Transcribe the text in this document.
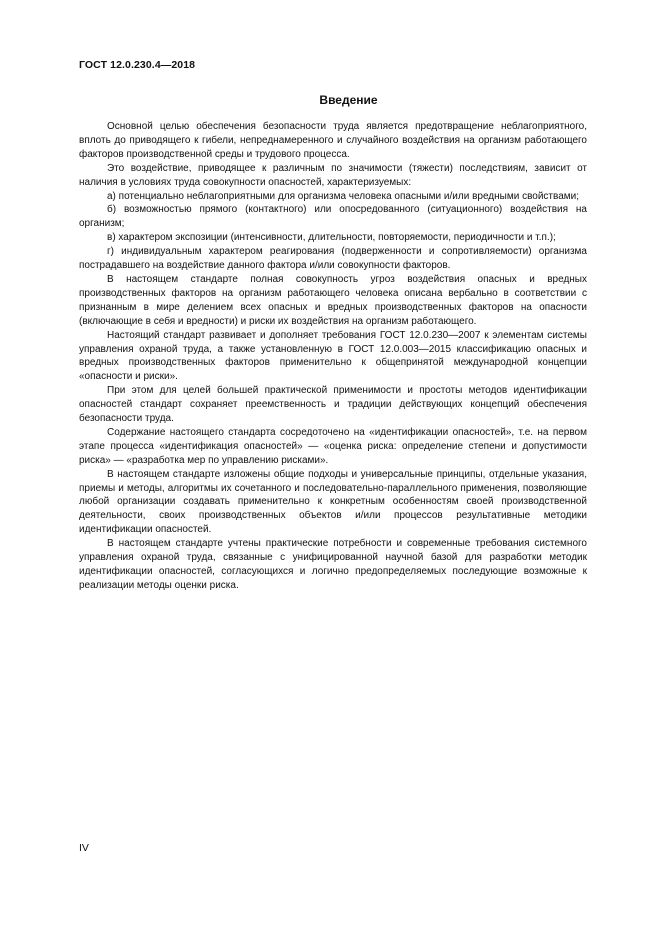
ГОСТ 12.0.230.4—2018
Введение

Основной целью обеспечения безопасности труда является предотвращение неблагоприятного, вплоть до приводящего к гибели, непреднамеренного и случайного воздействия на организм работающего факторов производственной среды и трудового процесса.

Это воздействие, приводящее к различным по значимости (тяжести) последствиям, зависит от наличия в условиях труда совокупности опасностей, характеризуемых:

а) потенциально неблагоприятными для организма человека опасными и/или вредными свойствами;

б) возможностью прямого (контактного) или опосредованного (ситуационного) воздействия на организм;

в) характером экспозиции (интенсивности, длительности, повторяемости, периодичности и т.п.);

г) индивидуальным характером реагирования (подверженности и сопротивляемости) организма пострадавшего на воздействие данного фактора и/или совокупности факторов.

В настоящем стандарте полная совокупность угроз воздействия опасных и вредных производственных факторов на организм работающего человека описана вербально в соответствии с признанным в мире делением всех опасных и вредных производственных факторов на опасности (включающие в себя и вредности) и риски их воздействия на организм работающего.

Настоящий стандарт развивает и дополняет требования ГОСТ 12.0.230—2007 к элементам системы управления охраной труда, а также установленную в ГОСТ 12.0.003—2015 классификацию опасных и вредных производственных факторов применительно к общепринятой международной концепции «опасности и риски».

При этом для целей большей практической применимости и простоты методов идентификации опасностей стандарт сохраняет преемственность и традиции действующих концепций обеспечения безопасности труда.

Содержание настоящего стандарта сосредоточено на «идентификации опасностей», т.е. на первом этапе процесса «идентификация опасностей» — «оценка риска: определение степени и допустимости риска» — «разработка мер по управлению рисками».

В настоящем стандарте изложены общие подходы и универсальные принципы, отдельные указания, приемы и методы, алгоритмы их сочетанного и последовательно-параллельного применения, позволяющие любой организации создавать применительно к конкретным особенностям своей производственной деятельности, своих производственных объектов и/или процессов результативные методики идентификации опасностей.

В настоящем стандарте учтены практические потребности и современные требования системного управления охраной труда, связанные с унифицированной научной базой для разработки методик идентификации опасностей, согласующихся и логично предопределяемых последующие возможные к реализации методы оценки риска.

IV
